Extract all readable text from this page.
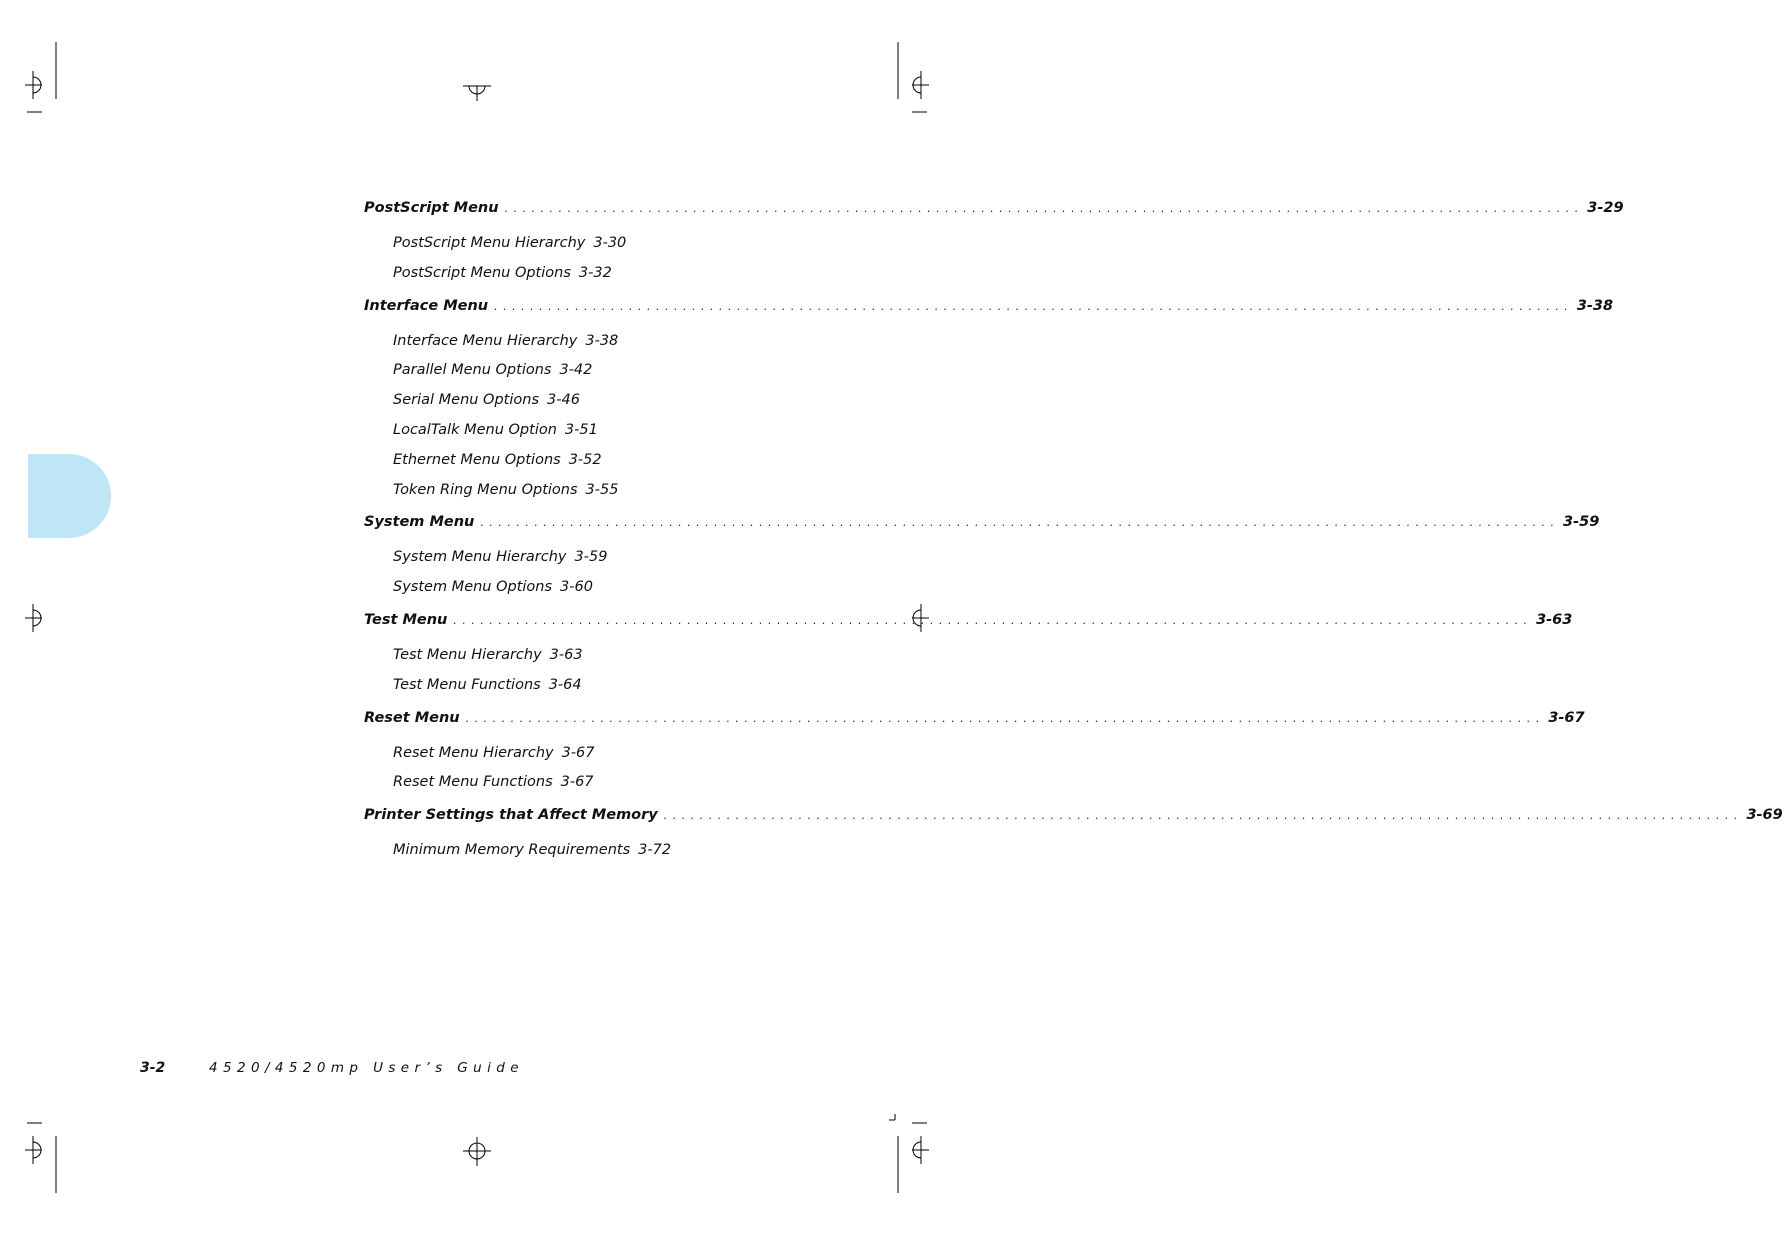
PostScript Menu . . . . . . . . . . . . . . . . . . . . . . . . . . . . . . . . . . . . . . . . . . . . . . . . . . . . . . . . . . . . . . . . . . . . . . . . . . . . . . . . . . . . . . . . . . . . . . . . . . . . . . . . . . . . . . . . . . . . . . . . 3-29
PostScript Menu Hierarchy 3-30
PostScript Menu Options 3-32
Interface Menu . . . . . . . . . . . . . . . . . . . . . . . . . . . . . . . . . . . . . . . . . . . . . . . . . . . . . . . . . . . . . . . . . . . . . . . . . . . . . . . . . . . . . . . . . . . . . . . . . . . . . . . . . . . . . . . . . . . . . . . . 3-38
Interface Menu Hierarchy 3-38
Parallel Menu Options 3-42
Serial Menu Options 3-46
LocalTalk Menu Option 3-51
Ethernet Menu Options 3-52
Token Ring Menu Options 3-55
System Menu . . . . . . . . . . . . . . . . . . . . . . . . . . . . . . . . . . . . . . . . . . . . . . . . . . . . . . . . . . . . . . . . . . . . . . . . . . . . . . . . . . . . . . . . . . . . . . . . . . . . . . . . . . . . . . . . . . . . . . . . 3-59
System Menu Hierarchy 3-59
System Menu Options 3-60
Test Menu . . . . . . . . . . . . . . . . . . . . . . . . . . . . . . . . . . . . . . . . . . . . . . . . . . . . . . . . . . . . . . . . . . . . . . . . . . . . . . . . . . . . . . . . . . . . . . . . . . . . . . . . . . . . . . . . . . . . . . . . 3-63
Test Menu Hierarchy 3-63
Test Menu Functions 3-64
Reset Menu . . . . . . . . . . . . . . . . . . . . . . . . . . . . . . . . . . . . . . . . . . . . . . . . . . . . . . . . . . . . . . . . . . . . . . . . . . . . . . . . . . . . . . . . . . . . . . . . . . . . . . . . . . . . . . . . . . . . . . . . 3-67
Reset Menu Hierarchy 3-67
Reset Menu Functions 3-67
Printer Settings that Affect Memory . . . . . . . . . . . . . . . . . . . . . . . . . . . . . . . . . . . . . . . . . . . . . . . . . . . . . . . . . . . . . . . . . . . . . . . . . . . . . . . . . . . . . . . . . . . . . . . . . . . . . . . . . . . . . . . . . . . . . . . . 3-69
Minimum Memory Requirements 3-72
3-2	4520/4520mp User’s Guide
